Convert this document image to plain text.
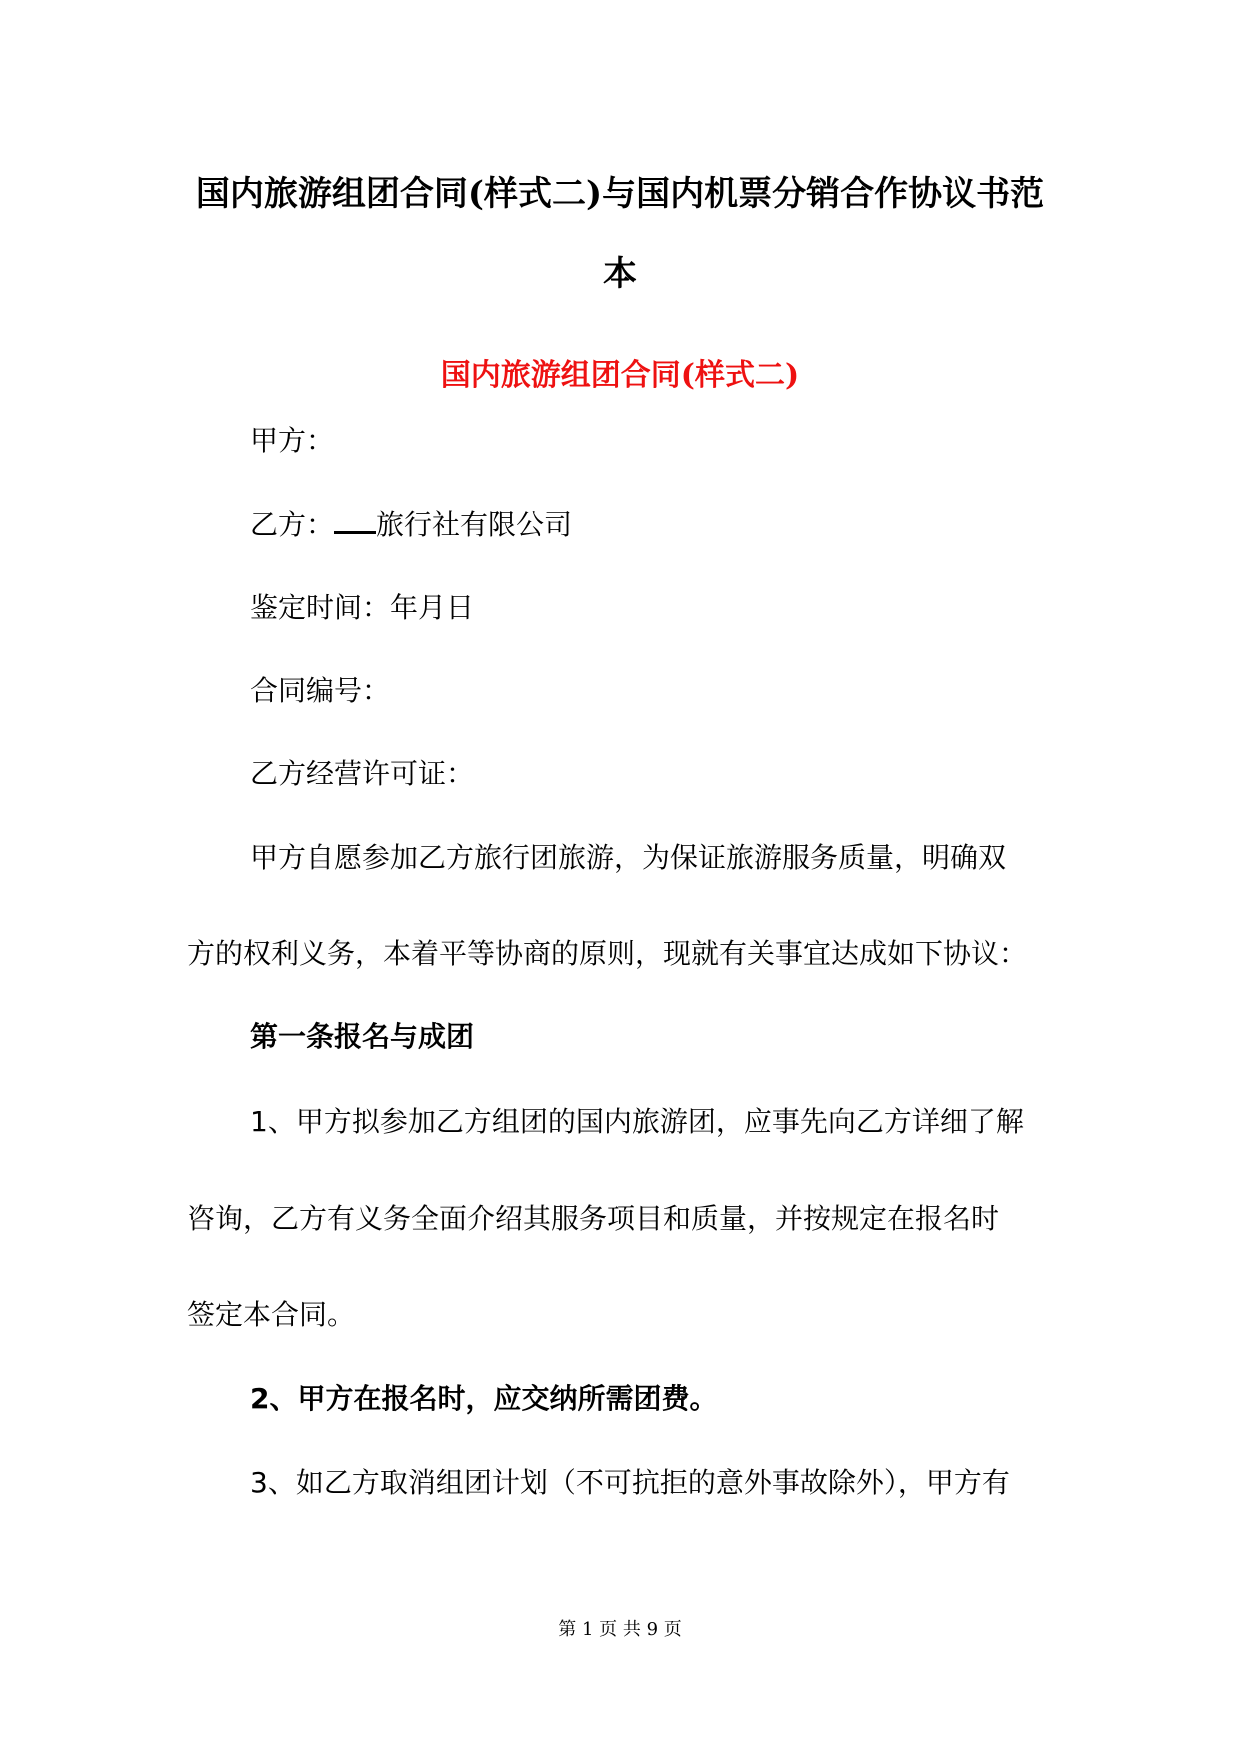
国内旅游组团合同(样式二)与国内机票分销合作协议书范
本
国内旅游组团合同(样式二)

甲方：

乙方： 旅行社有限公司

鉴定时间：年月日

合同编号：

乙方经营许可证：

甲方自愿参加乙方旅行团旅游，为保证旅游服务质量，明确双

方的权利义务，本着平等协商的原则，现就有关事宜达成如下协议：

第一条报名与成团

1、甲方拟参加乙方组团的国内旅游团，应事先向乙方详细了解

咨询，乙方有义务全面介绍其服务项目和质量，并按规定在报名时

签定本合同。

2、甲方在报名时，应交纳所需团费。

3、如乙方取消组团计划（不可抗拒的意外事故除外），甲方有

第 1 页 共 9 页
